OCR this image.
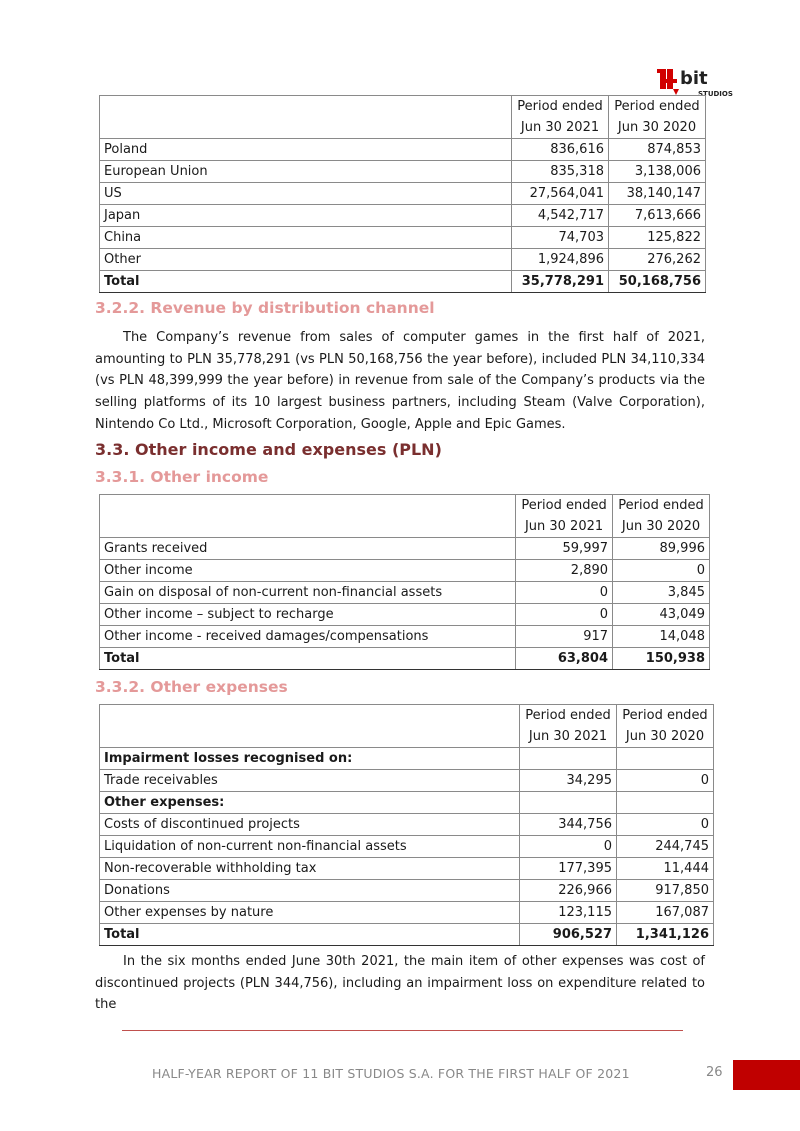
bit
STUDIOS
	Period ended	Period ended
	Jun 30 2021	Jun 30 2020
Poland	836,616	874,853
European Union	835,318	3,138,006
US	27,564,041	38,140,147
Japan	4,542,717	7,613,666
China	74,703	125,822
Other	1,924,896	276,262
Total	35,778,291	50,168,756
3.2.2. Revenue by distribution channel

The Company’s revenue from sales of computer games in the first half of 2021, amounting to PLN 35,778,291 (vs PLN 50,168,756 the year before), included PLN 34,110,334 (vs PLN 48,399,999 the year before) in revenue from sale of the Company’s products via the selling platforms of its 10 largest business partners, including Steam (Valve Corporation), Nintendo Co Ltd., Microsoft Corporation, Google, Apple and Epic Games.

3.3. Other income and expenses (PLN)
3.3.1. Other income
	Period ended	Period ended
	Jun 30 2021	Jun 30 2020
Grants received	59,997	89,996
Other income	2,890	0
Gain on disposal of non-current non-financial assets	0	3,845
Other income – subject to recharge	0	43,049
Other income - received damages/compensations	917	14,048
Total	63,804	150,938
3.3.2. Other expenses
	Period ended	Period ended
	Jun 30 2021	Jun 30 2020
Impairment losses recognised on:		
Trade receivables	34,295	0
Other expenses:		
Costs of discontinued projects	344,756	0
Liquidation of non-current non-financial assets	0	244,745
Non-recoverable withholding tax	177,395	11,444
Donations	226,966	917,850
Other expenses by nature	123,115	167,087
Total	906,527	1,341,126

In the six months ended June 30th 2021, the main item of other expenses was cost of discontinued projects (PLN 344,756), including an impairment loss on expenditure related to the

HALF-YEAR REPORT OF 11 BIT STUDIOS S.A. FOR THE FIRST HALF OF 2021	26
